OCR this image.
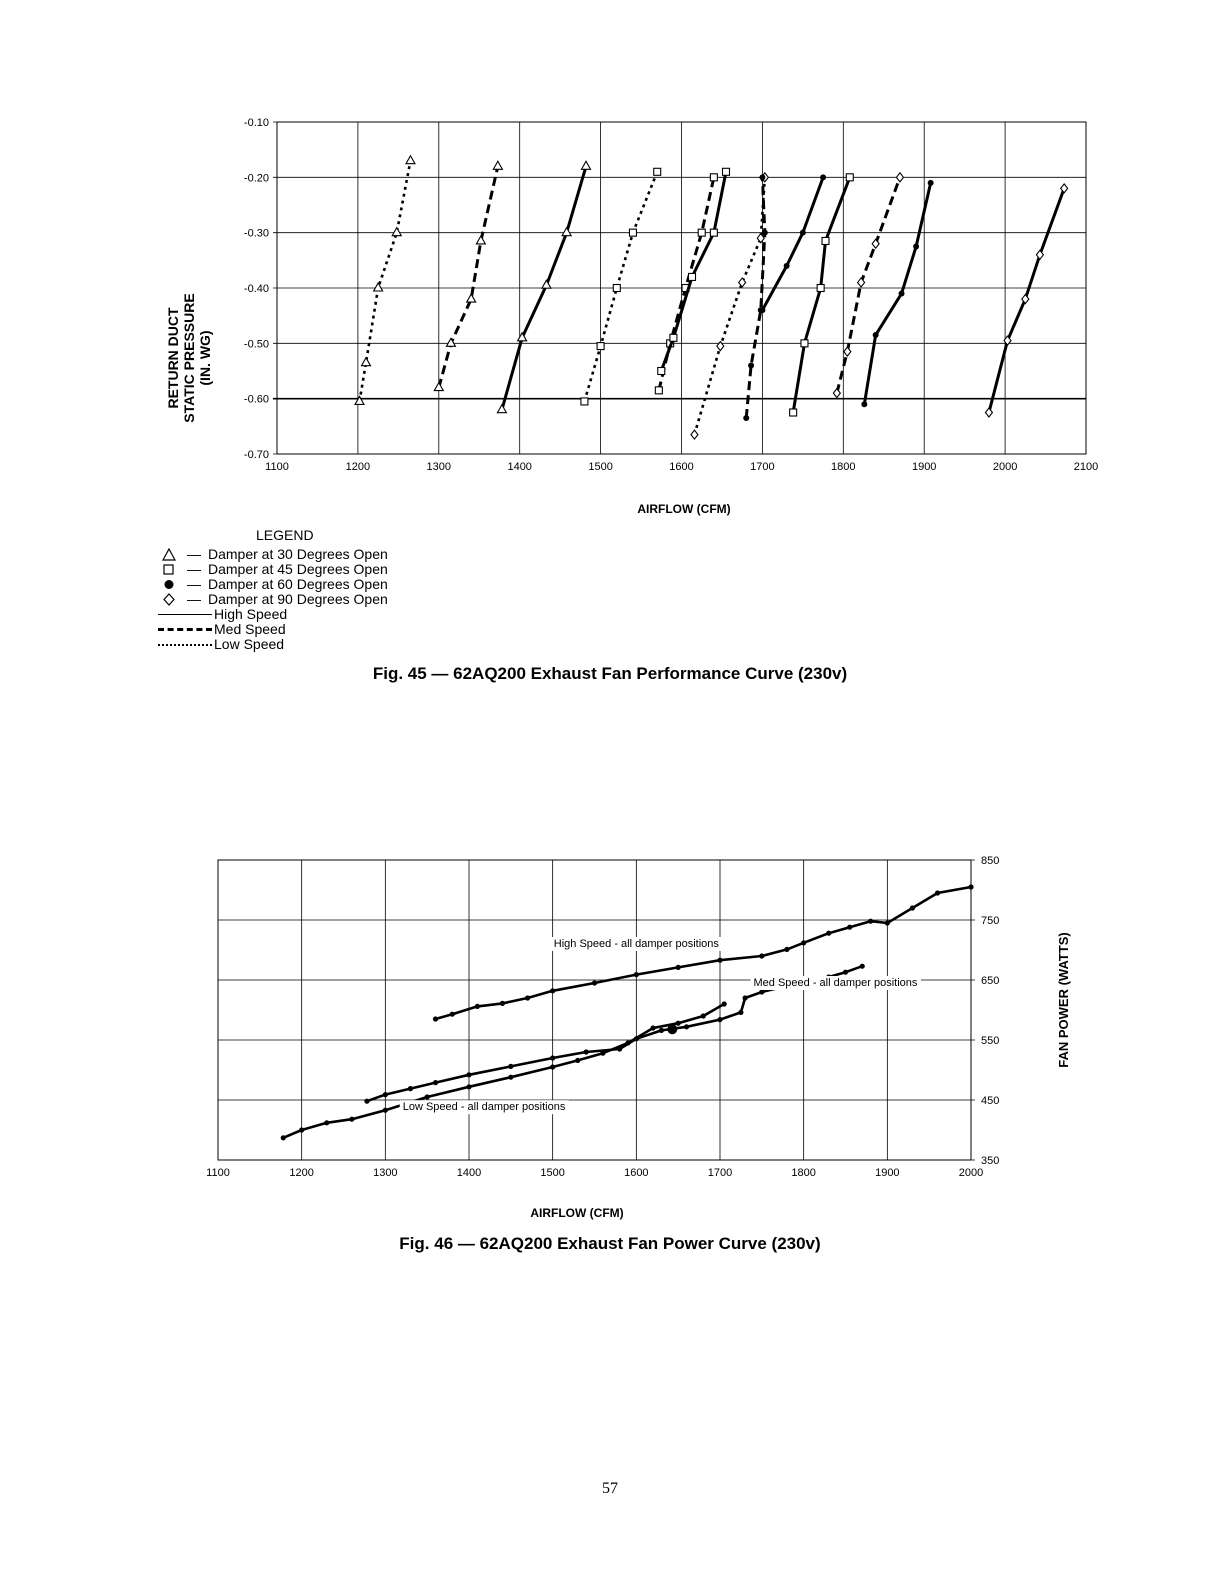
1100	1200	1300	1400	1500	1600	1700	1800	1900	2000	2100
-0.10
-0.20
-0.30
-0.40
-0.50
-0.60
-0.70
AIRFLOW (CFM)
RETURN DUCT STATIC PRESSURE (IN. WG)
LEGEND
— Damper at 30 Degrees Open
— Damper at 45 Degrees Open
— Damper at 60 Degrees Open
— Damper at 90 Degrees Open
High Speed
Med Speed
Low Speed
Fig. 45 — 62AQ200 Exhaust Fan Performance Curve (230v)
1100	1200	1300	1400	1500	1600	1700	1800	1900	2000
350
450
550
650
750
850
High Speed - all damper positions
Med Speed - all damper positions
Low Speed - all damper positions
AIRFLOW (CFM)
FAN POWER (WATTS)
Fig. 46 — 62AQ200 Exhaust Fan Power Curve (230v)
57
